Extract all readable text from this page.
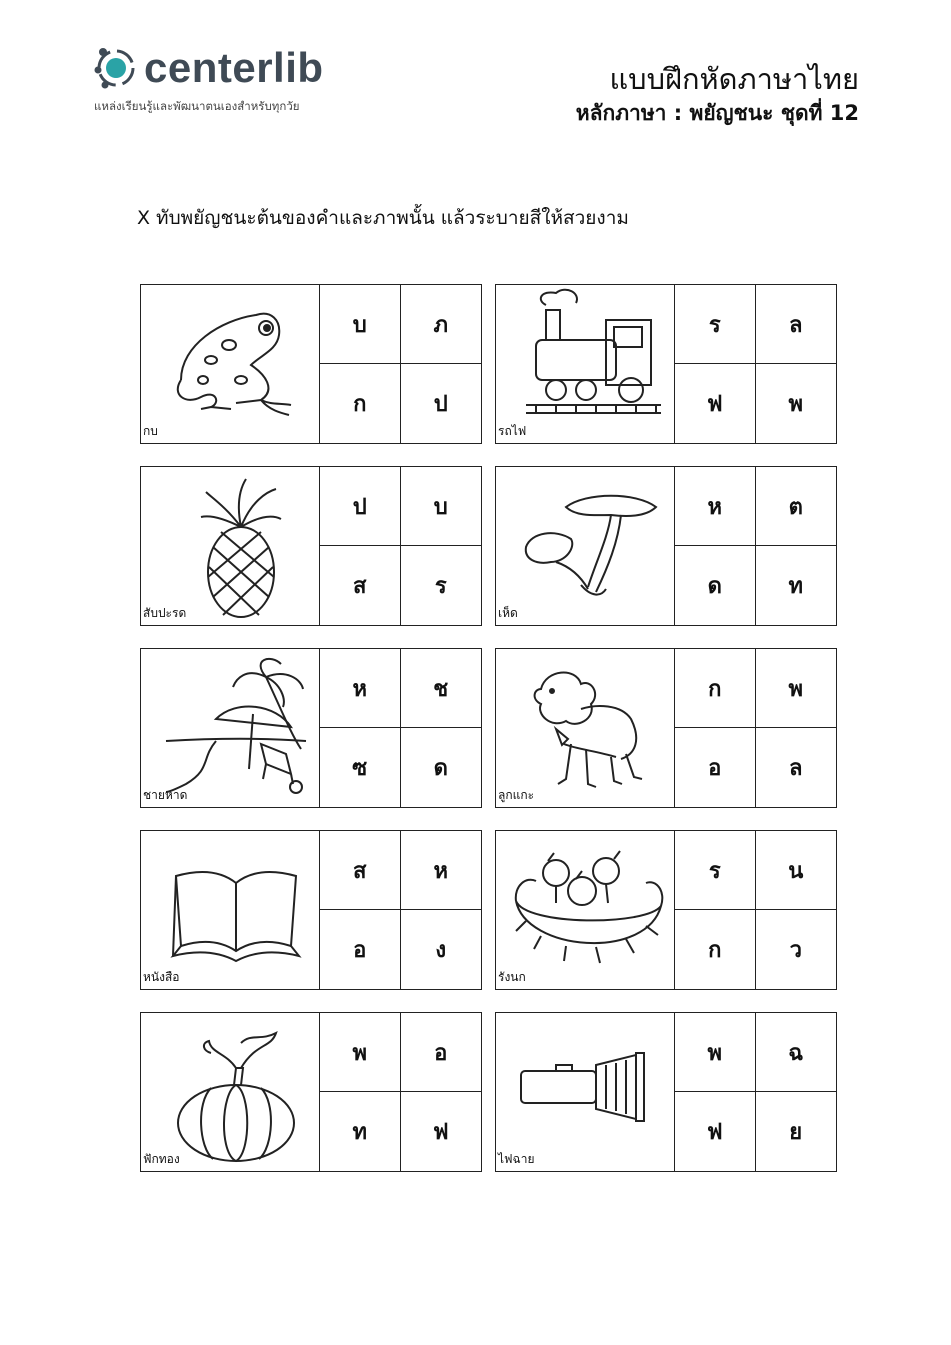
centerlib
แหล่งเรียนรู้และพัฒนาตนเองสำหรับทุกวัย
แบบฝึกหัดภาษาไทย
หลักภาษา : พยัญชนะ ชุดที่ 12
X ทับพยัญชนะต้นของคำและภาพนั้น แล้วระบายสีให้สวยงาม
กบ
บ	ภ
ก	ป
รถไฟ
ร	ล
ฟ	พ
สับปะรด
ป	บ
ส	ร
เห็ด
ห	ต
ด	ท
ชายหาด
ห	ช
ซ	ด
ลูกแกะ
ก	พ
อ	ล
หนังสือ
ส	ห
อ	ง
รังนก
ร	น
ก	ว
ฟักทอง
พ	อ
ท	ฟ
ไฟฉาย
พ	ฉ
ฟ	ย
